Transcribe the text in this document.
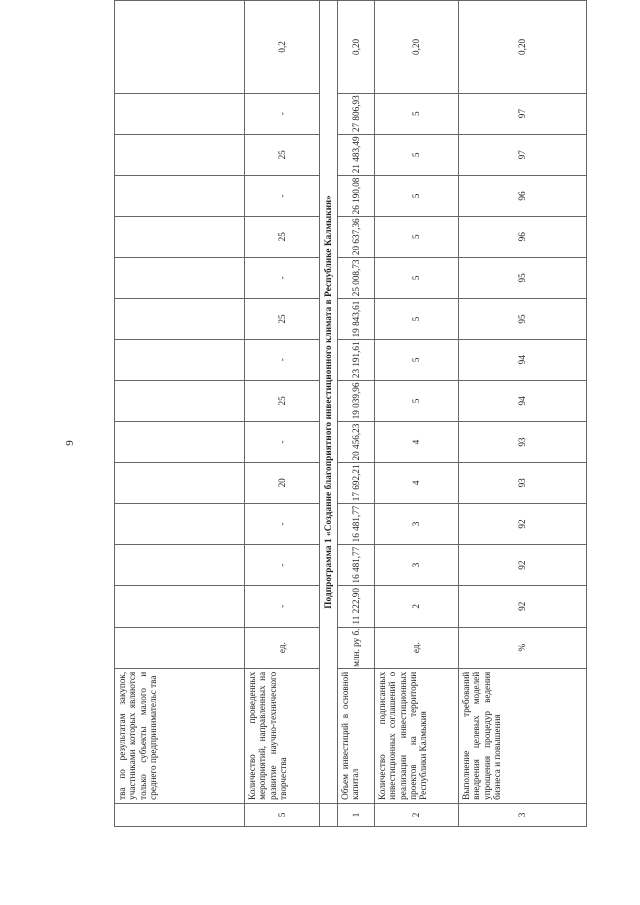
9
	тва по результатам закупок, участниками которых являются только субъекты малого и среднего предпринимательс тва															
5	Количество проведенных мероприятий, направленных на развитие научно-технического творчества	ед.	-	-	-	20	-	25	-	25	-	25	-	25	-	0,2
	Подпрограмма 1 «Создание благоприятного инвестиционного климата в Республике Калмыкия»															
1	Объем инвестиций в основной капитал	млн. ру б.	11 222,90	16 481,77	16 481,77	17 692,21	20 456,23	19 039,96	23 191,61	19 843,61	25 008,73	20 637,36	26 190,08	21 483,49	27 806,93	0,20
2	Количество подписанных инвестиционных соглашений о реализации инвестиционных проектов на территории Республики Калмыкия	ед.	2	3	3	4	4	5	5	5	5	5	5	5	5	0,20
3	Выполнение требований внедрения целевых моделей упрощения процедур ведения бизнеса и повышения	%	92	92	92	93	93	94	94	95	95	96	96	97	97	0,20
